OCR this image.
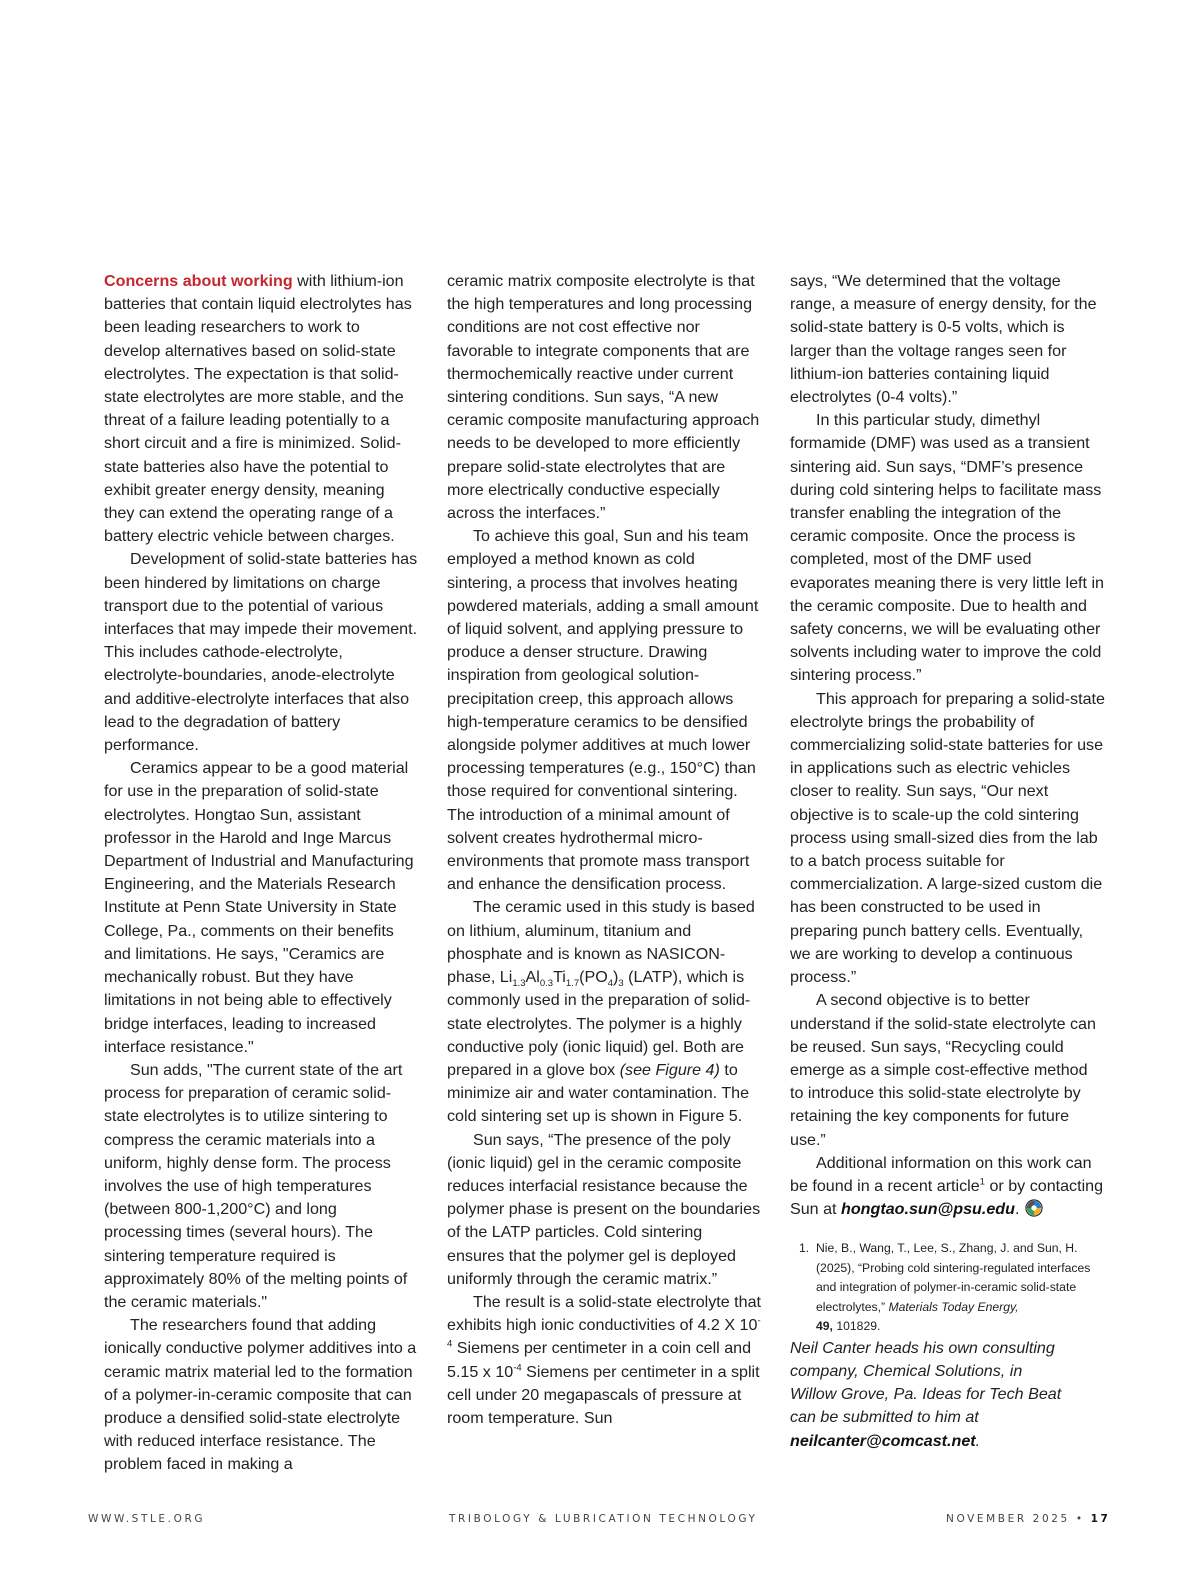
Concerns about working with lithium-ion batteries that contain liquid electrolytes has been leading researchers to work to develop alternatives based on solid-state electrolytes. The expectation is that solid-state electrolytes are more stable, and the threat of a failure leading potentially to a short circuit and a fire is minimized. Solid-state batteries also have the potential to exhibit greater energy density, meaning they can extend the operating range of a battery electric vehicle between charges.

Development of solid-state batteries has been hindered by limitations on charge transport due to the potential of various interfaces that may impede their movement. This includes cathode-electrolyte, electrolyte-boundaries, anode-electrolyte and additive-electrolyte interfaces that also lead to the degradation of battery performance.

Ceramics appear to be a good material for use in the preparation of solid-state electrolytes. Hongtao Sun, assistant professor in the Harold and Inge Marcus Department of Industrial and Manufacturing Engineering, and the Materials Research Institute at Penn State University in State College, Pa., comments on their benefits and limitations. He says, "Ceramics are mechanically robust. But they have limitations in not being able to effectively bridge interfaces, leading to increased interface resistance."

Sun adds, "The current state of the art process for preparation of ceramic solid-state electrolytes is to utilize sintering to compress the ceramic materials into a uniform, highly dense form. The process involves the use of high temperatures (between 800-1,200°C) and long processing times (several hours). The sintering temperature required is approximately 80% of the melting points of the ceramic materials."

The researchers found that adding ionically conductive polymer additives into a ceramic matrix material led to the formation of a polymer-in-ceramic composite that can produce a densified solid-state electrolyte with reduced interface resistance. The problem faced in making a

ceramic matrix composite electrolyte is that the high temperatures and long processing conditions are not cost effective nor favorable to integrate components that are thermochemically reactive under current sintering conditions. Sun says, “A new ceramic composite manufacturing approach needs to be developed to more efficiently prepare solid-state electrolytes that are more electrically conductive especially across the interfaces.”

To achieve this goal, Sun and his team employed a method known as cold sintering, a process that involves heating powdered materials, adding a small amount of liquid solvent, and applying pressure to produce a denser structure. Drawing inspiration from geological solution-precipitation creep, this approach allows high-temperature ceramics to be densified alongside polymer additives at much lower processing temperatures (e.g., 150°C) than those required for conventional sintering. The introduction of a minimal amount of solvent creates hydrothermal micro-environments that promote mass transport and enhance the densification process.

The ceramic used in this study is based on lithium, aluminum, titanium and phosphate and is known as NASICON-phase, $Li_{1.3}Al_{0.3}Ti_{1.7}(PO_4)_3$ (LATP), which is commonly used in the preparation of solid-state electrolytes. The polymer is a highly conductive poly (ionic liquid) gel. Both are prepared in a glove box (see Figure 4) to minimize air and water contamination. The cold sintering set up is shown in Figure 5.

Sun says, “The presence of the poly (ionic liquid) gel in the ceramic composite reduces interfacial resistance because the polymer phase is present on the boundaries of the LATP particles. Cold sintering ensures that the polymer gel is deployed uniformly through the ceramic matrix.”

The result is a solid-state electrolyte that exhibits high ionic conductivities of 4.2 X $10^{-4}$ Siemens per centimeter in a coin cell and 5.15 x $10^{-4}$ Siemens per centimeter in a split cell under 20 megapascals of pressure at room temperature. Sun

says, “We determined that the voltage range, a measure of energy density, for the solid-state battery is 0-5 volts, which is larger than the voltage ranges seen for lithium-ion batteries containing liquid electrolytes (0-4 volts).”

In this particular study, dimethyl formamide (DMF) was used as a transient sintering aid. Sun says, “DMF’s presence during cold sintering helps to facilitate mass transfer enabling the integration of the ceramic composite. Once the process is completed, most of the DMF used evaporates meaning there is very little left in the ceramic composite. Due to health and safety concerns, we will be evaluating other solvents including water to improve the cold sintering process.”

This approach for preparing a solid-state electrolyte brings the probability of commercializing solid-state batteries for use in applications such as electric vehicles closer to reality. Sun says, “Our next objective is to scale-up the cold sintering process using small-sized dies from the lab to a batch process suitable for commercialization. A large-sized custom die has been constructed to be used in preparing punch battery cells. Eventually, we are working to develop a continuous process.”

A second objective is to better understand if the solid-state electrolyte can be reused. Sun says, “Recycling could emerge as a simple cost-effective method to introduce this solid-state electrolyte by retaining the key components for future use.”

Additional information on this work can be found in a recent article$^1$ or by contacting Sun at hongtao.sun@psu.edu.

1. Nie, B., Wang, T., Lee, S., Zhang, J. and Sun, H. (2025), “Probing cold sintering-regulated interfaces and integration of polymer-in-ceramic solid-state electrolytes,” Materials Today Energy,
49, 101829.

Neil Canter heads his own consulting company, Chemical Solutions, in Willow Grove, Pa. Ideas for Tech Beat can be submitted to him at neilcanter@comcast.net.

WWW.STLE.ORG	TRIBOLOGY & LUBRICATION TECHNOLOGY	NOVEMBER 2025 • 17
